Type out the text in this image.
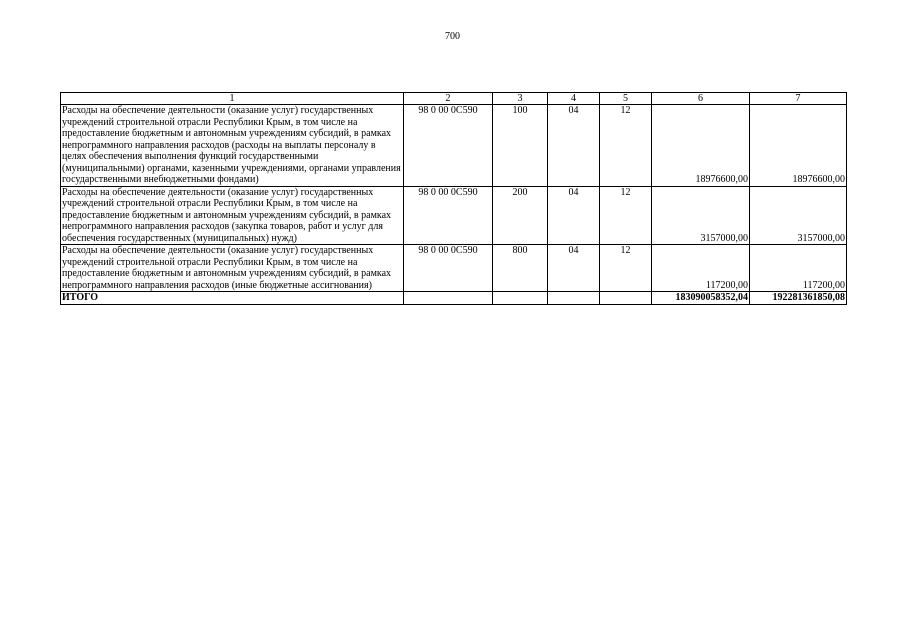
700
1	2	3	4	5	6	7
Расходы на обеспечение деятельности (оказание услуг) государственных учреждений строительной отрасли Республики Крым, в том числе на предоставление бюджетным и автономным учреждениям субсидий, в рамках непрограммного направления расходов (расходы на выплаты персоналу в целях обеспечения выполнения функций государственными (муниципальными) органами, казенными учреждениями, органами управления государственными внебюджетными фондами)	98 0 00 0С590	100	04	12	18976600,00	18976600,00
Расходы на обеспечение деятельности (оказание услуг) государственных учреждений строительной отрасли Республики Крым, в том числе на предоставление бюджетным и автономным учреждениям субсидий, в рамках непрограммного направления расходов (закупка товаров, работ и услуг для обеспечения государственных (муниципальных) нужд)	98 0 00 0С590	200	04	12	3157000,00	3157000,00
Расходы на обеспечение деятельности (оказание услуг) государственных учреждений строительной отрасли Республики Крым, в том числе на предоставление бюджетным и автономным учреждениям субсидий, в рамках непрограммного направления расходов (иные бюджетные ассигнования)	98 0 00 0С590	800	04	12	117200,00	117200,00
ИТОГО					183090058352,04	192281361850,08
